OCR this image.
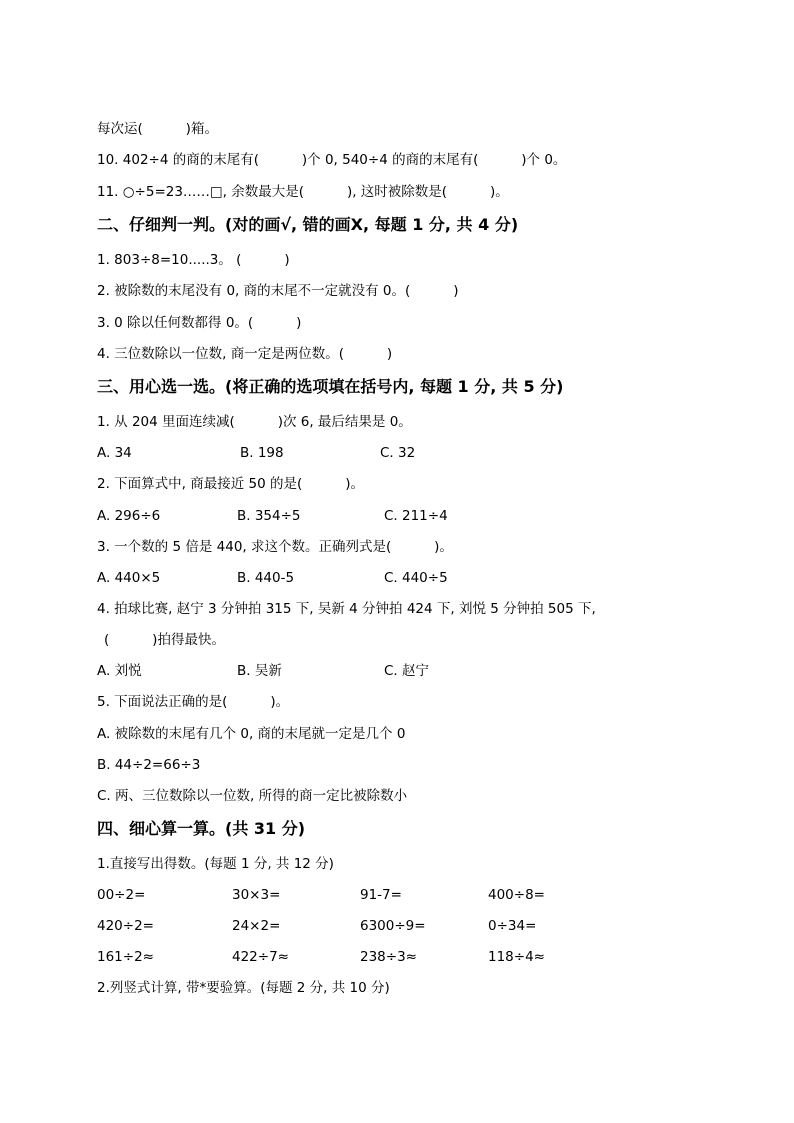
每次运(          )箱。
10. 402÷4 的商的末尾有(          )个 0, 540÷4 的商的末尾有(          )个 0。
11. ○÷5=23……□, 余数最大是(          ), 这时被除数是(          )。
二、仔细判一判。(对的画√, 错的画X, 每题 1 分, 共 4 分)
1. 803÷8=10.....3。 (          )
2. 被除数的末尾没有 0, 商的末尾不一定就没有 0。(          )
3. 0 除以任何数都得 0。(          )
4. 三位数除以一位数, 商一定是两位数。(          )
三、用心选一选。(将正确的选项填在括号内, 每题 1 分, 共 5 分)
1. 从 204 里面连续减(          )次 6, 最后结果是 0。
A. 34	B. 198	C. 32
2. 下面算式中, 商最接近 50 的是(          )。
A. 296÷6	B. 354÷5	C. 211÷4
3. 一个数的 5 倍是 440, 求这个数。正确列式是(          )。
A. 440×5	B. 440-5	C. 440÷5
4. 拍球比赛, 赵宁 3 分钟拍 315 下, 吴新 4 分钟拍 424 下, 刘悦 5 分钟拍 505 下,
(          )拍得最快。
A. 刘悦	B. 吴新	C. 赵宁
5. 下面说法正确的是(          )。
A. 被除数的末尾有几个 0, 商的末尾就一定是几个 0
B. 44÷2=66÷3
C. 两、三位数除以一位数, 所得的商一定比被除数小
四、细心算一算。(共 31 分)
1.直接写出得数。(每题 1 分, 共 12 分)
00÷2=	30×3=	91-7=	400÷8=
420÷2=	24×2=	6300÷9=	0÷34=
161÷2≈	422÷7≈	238÷3≈	118÷4≈
2.列竖式计算, 带*要验算。(每题 2 分, 共 10 分)
